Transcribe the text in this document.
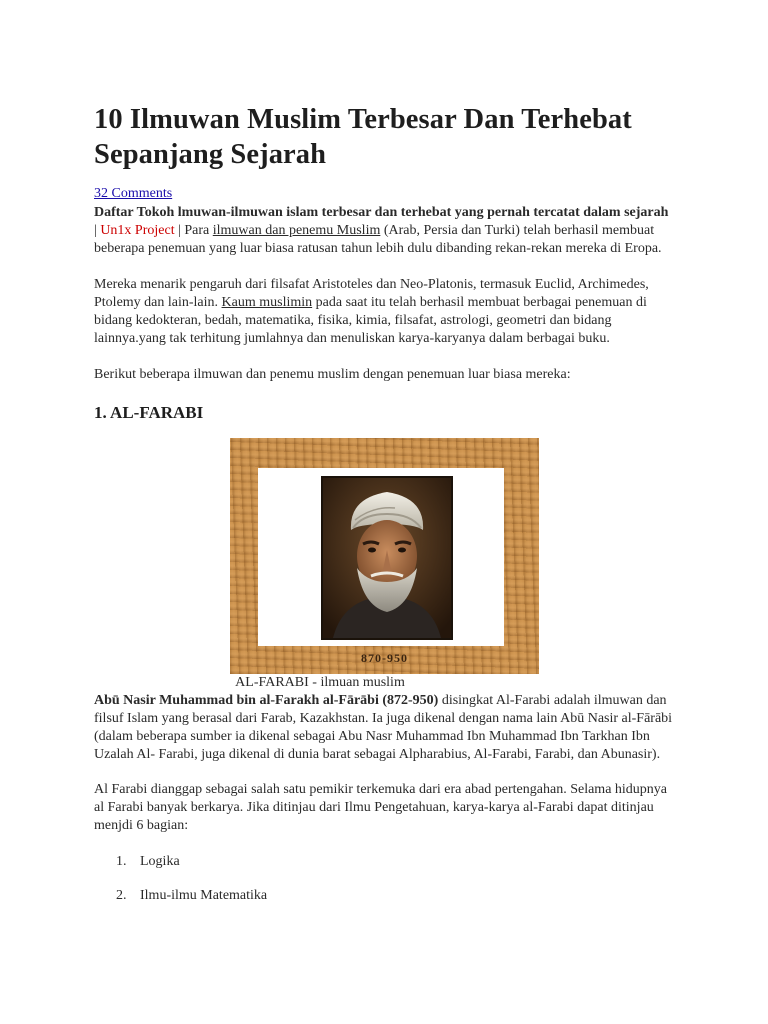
10 Ilmuwan Muslim Terbesar Dan Terhebat Sepanjang Sejarah
32 Comments

Daftar Tokoh lmuwan-ilmuwan islam terbesar dan terhebat yang pernah tercatat dalam sejarah | Un1x Project | Para ilmuwan dan penemu Muslim (Arab, Persia dan Turki) telah berhasil membuat beberapa penemuan yang luar biasa ratusan tahun lebih dulu dibanding rekan-rekan mereka di Eropa.

Mereka menarik pengaruh dari filsafat Aristoteles dan Neo-Platonis, termasuk Euclid, Archimedes, Ptolemy dan lain-lain. Kaum muslimin pada saat itu telah berhasil membuat berbagai penemuan di bidang kedokteran, bedah, matematika, fisika, kimia, filsafat, astrologi, geometri dan bidang lainnya.yang tak terhitung jumlahnya dan menuliskan karya-karyanya dalam berbagai buku.

Berikut beberapa ilmuwan dan penemu muslim dengan penemuan luar biasa mereka:

1. AL-FARABI
870-950
AL-FARABI - ilmuan muslim

Abū Nasir Muhammad bin al-Farakh al-Fārābi (872-950) disingkat Al-Farabi adalah ilmuwan dan filsuf Islam yang berasal dari Farab, Kazakhstan. Ia juga dikenal dengan nama lain Abū Nasir al-Fārābi (dalam beberapa sumber ia dikenal sebagai Abu Nasr Muhammad Ibn Muhammad Ibn Tarkhan Ibn Uzalah Al- Farabi, juga dikenal di dunia barat sebagai Alpharabius, Al-Farabi, Farabi, dan Abunasir).

Al Farabi dianggap sebagai salah satu pemikir terkemuka dari era abad pertengahan. Selama hidupnya al Farabi banyak berkarya. Jika ditinjau dari Ilmu Pengetahuan, karya-karya al-Farabi dapat ditinjau menjdi 6 bagian:

1. Logika
2. Ilmu-ilmu Matematika
